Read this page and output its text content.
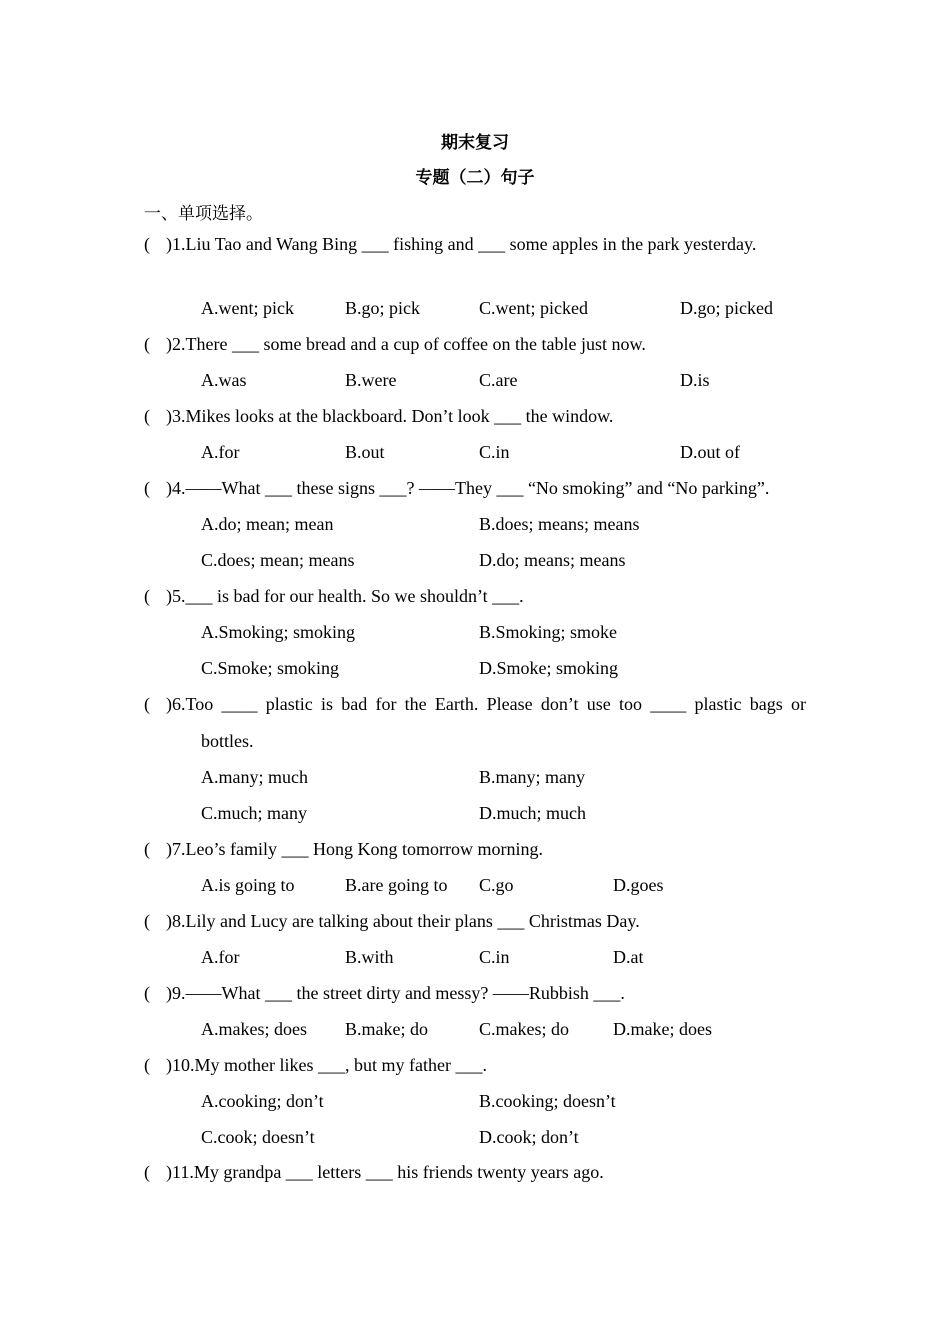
期末复习
专题（二）句子
一、单项选择。
( )1.Liu Tao and Wang Bing ___ fishing and ___ some apples in the park yesterday.
A.went; pick	B.go; pick	C.went; picked	D.go; picked
( )2.There ___ some bread and a cup of coffee on the table just now.
A.was	B.were	C.are	D.is
( )3.Mikes looks at the blackboard. Don’t look ___ the window.
A.for	B.out	C.in	D.out of
( )4.——What ___ these signs ___? ——They ___ “No smoking” and “No parking”.
A.do; mean; mean	B.does; means; means
C.does; mean; means	D.do; means; means
( )5.___ is bad for our health. So we shouldn’t ___.
A.Smoking; smoking	B.Smoking; smoke
C.Smoke; smoking	D.Smoke; smoking
( )6.Too ____ plastic is bad for the Earth. Please don’t use too ____ plastic bags or
bottles.
A.many; much	B.many; many
C.much; many	D.much; much
( )7.Leo’s family ___ Hong Kong tomorrow morning.
A.is going to	B.are going to C.go	D.goes
( )8.Lily and Lucy are talking about their plans ___ Christmas Day.
A.for	B.with	C.in	D.at
( )9.——What ___ the street dirty and messy? ——Rubbish ___.
A.makes; does B.make; do	C.makes; do D.make; does
( )10.My mother likes ___, but my father ___.
A.cooking; don’t	B.cooking; doesn’t
C.cook; doesn’t	D.cook; don’t
( )11.My grandpa ___ letters ___ his friends twenty years ago.
